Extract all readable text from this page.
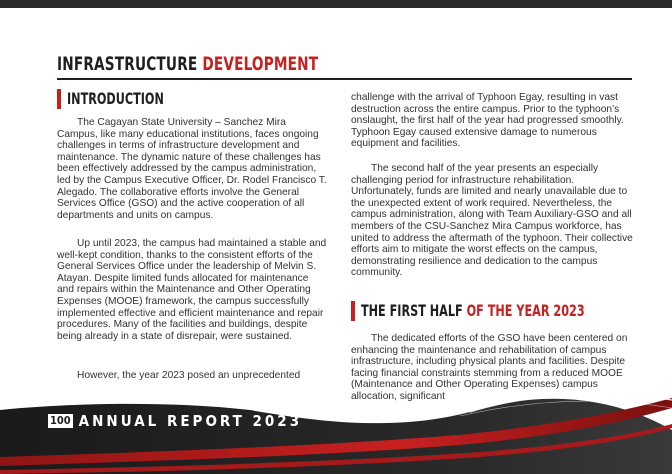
INFRASTRUCTURE DEVELOPMENT
INTRODUCTION

The Cagayan State University – Sanchez Mira Campus, like many educational institutions, faces ongoing challenges in terms of infrastructure development and maintenance. The dynamic nature of these challenges has been effectively addressed by the campus administration, led by the Campus Executive Officer, Dr. Rodel Francisco T. Alegado. The collaborative efforts involve the General Services Office (GSO) and the active cooperation of all departments and units on campus.

Up until 2023, the campus had maintained a stable and well-kept condition, thanks to the consistent efforts of the General Services Office under the leadership of Melvin S. Atayan. Despite limited funds allocated for maintenance and repairs within the Maintenance and Other Operating Expenses (MOOE) framework, the campus successfully implemented effective and efficient maintenance and repair procedures. Many of the facilities and buildings, despite being already in a state of disrepair, were sustained.

However, the year 2023 posed an unprecedented

challenge with the arrival of Typhoon Egay, resulting in vast destruction across the entire campus. Prior to the typhoon’s onslaught, the first half of the year had progressed smoothly. Typhoon Egay caused extensive damage to numerous equipment and facilities.

The second half of the year presents an especially challenging period for infrastructure rehabilitation. Unfortunately, funds are limited and nearly unavailable due to the unexpected extent of work required. Nevertheless, the campus administration, along with Team Auxiliary-GSO and all members of the CSU-Sanchez Mira Campus workforce, has united to address the aftermath of the typhoon. Their collective efforts aim to mitigate the worst effects on the campus, demonstrating resilience and dedication to the campus community.

THE FIRST HALF OF THE YEAR 2023

The dedicated efforts of the GSO have been centered on enhancing the maintenance and rehabilitation of campus infrastructure, including physical plants and facilities. Despite facing financial constraints stemming from a reduced MOOE (Maintenance and Other Operating Expenses) campus allocation, significant

100 ANNUAL REPORT 2023
